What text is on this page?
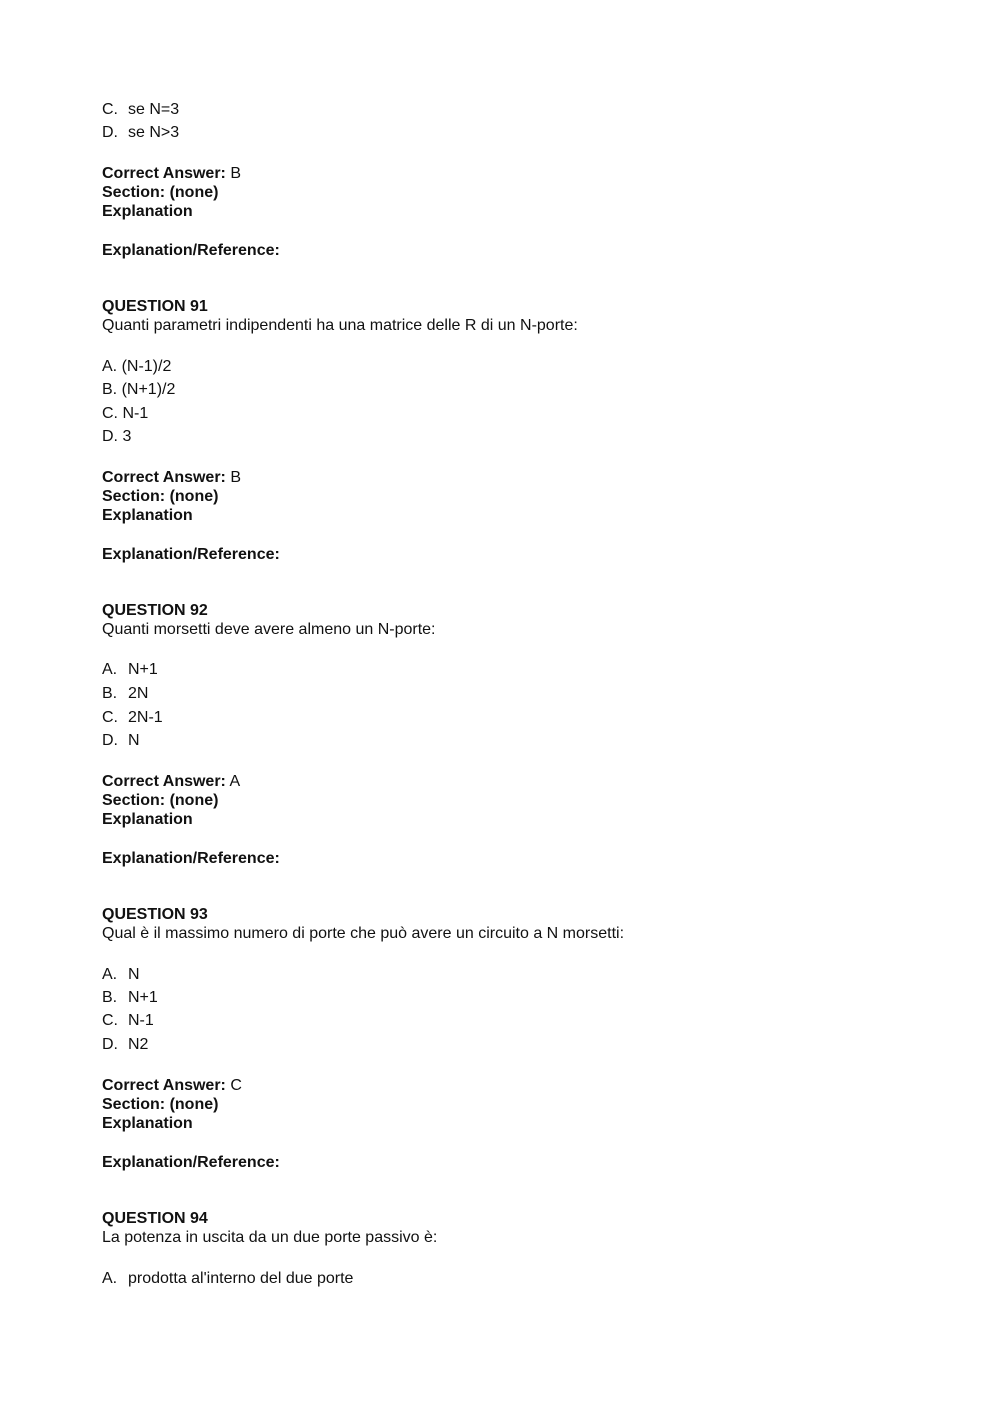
C. se N=3
D. se N>3
Correct Answer: B
Section: (none)
Explanation
Explanation/Reference:
QUESTION 91
Quanti parametri indipendenti ha una matrice delle R di un N-porte:
A. (N-1)/2
B. (N+1)/2
C. N-1
D. 3
Correct Answer: B
Section: (none)
Explanation
Explanation/Reference:
QUESTION 92
Quanti morsetti deve avere almeno un N-porte:
A. N+1
B. 2N
C. 2N-1
D. N
Correct Answer: A
Section: (none)
Explanation
Explanation/Reference:
QUESTION 93
Qual è il massimo numero di porte che può avere un circuito a N morsetti:
A. N
B. N+1
C. N-1
D. N2
Correct Answer: C
Section: (none)
Explanation
Explanation/Reference:
QUESTION 94
La potenza in uscita da un due porte passivo è:
A. prodotta al'interno del due porte
